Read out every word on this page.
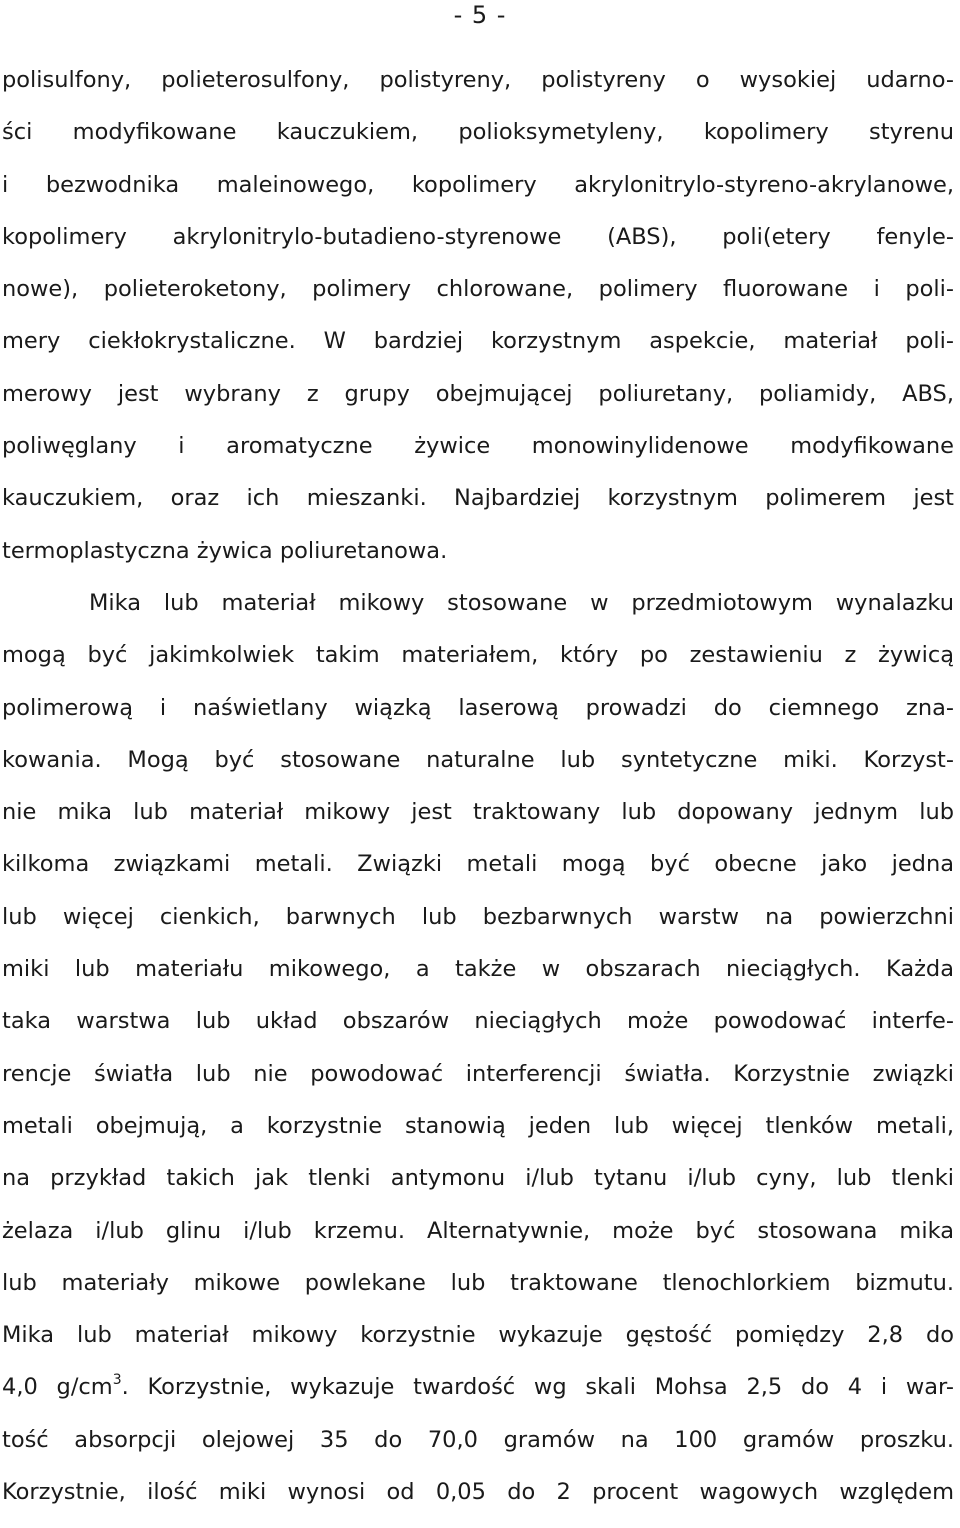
- 5 -
polisulfony, polieterosulfony, polistyreny, polistyreny o wysokiej udarno-
ści modyfikowane kauczukiem, polioksymetyleny, kopolimery styrenu
i bezwodnika maleinowego, kopolimery akrylonitrylo-styreno-akrylanowe,
kopolimery akrylonitrylo-butadieno-styrenowe (ABS), poli(etery fenyle-
nowe), polieteroketony, polimery chlorowane, polimery fluorowane i poli-
mery ciekłokrystaliczne. W bardziej korzystnym aspekcie, materiał poli-
merowy jest wybrany z grupy obejmującej poliuretany, poliamidy, ABS,
poliwęglany i aromatyczne żywice monowinylidenowe modyfikowane
kauczukiem, oraz ich mieszanki. Najbardziej korzystnym polimerem jest
termoplastyczna żywica poliuretanowa.
Mika lub materiał mikowy stosowane w przedmiotowym wynalazku
mogą być jakimkolwiek takim materiałem, który po zestawieniu z żywicą
polimerową i naświetlany wiązką laserową prowadzi do ciemnego zna-
kowania. Mogą być stosowane naturalne lub syntetyczne miki. Korzyst-
nie mika lub materiał mikowy jest traktowany lub dopowany jednym lub
kilkoma związkami metali. Związki metali mogą być obecne jako jedna
lub więcej cienkich, barwnych lub bezbarwnych warstw na powierzchni
miki lub materiału mikowego, a także w obszarach nieciągłych. Każda
taka warstwa lub układ obszarów nieciągłych może powodować interfe-
rencje światła lub nie powodować interferencji światła. Korzystnie związki
metali obejmują, a korzystnie stanowią jeden lub więcej tlenków metali,
na przykład takich jak tlenki antymonu i/lub tytanu i/lub cyny, lub tlenki
żelaza i/lub glinu i/lub krzemu. Alternatywnie, może być stosowana mika
lub materiały mikowe powlekane lub traktowane tlenochlorkiem bizmutu.
Mika lub materiał mikowy korzystnie wykazuje gęstość pomiędzy 2,8 do
4,0 $g/cm^3$. Korzystnie, wykazuje twardość wg skali Mohsa 2,5 do 4 i war-
tość absorpcji olejowej 35 do 70,0 gramów na 100 gramów proszku.
Korzystnie, ilość miki wynosi od 0,05 do 2 procent wagowych względem
